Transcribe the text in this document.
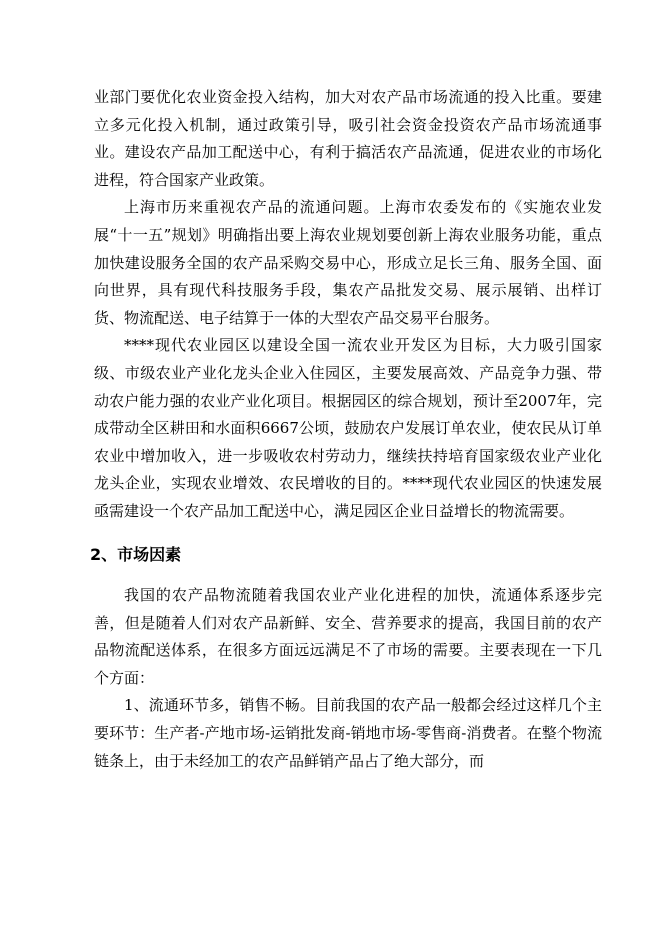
业部门要优化农业资金投入结构，加大对农产品市场流通的投入比重。要建立多元化投入机制，通过政策引导，吸引社会资金投资农产品市场流通事业。建设农产品加工配送中心，有利于搞活农产品流通，促进农业的市场化进程，符合国家产业政策。

上海市历来重视农产品的流通问题。上海市农委发布的《实施农业发展“十一五”规划》明确指出要上海农业规划要创新上海农业服务功能，重点加快建设服务全国的农产品采购交易中心，形成立足长三角、服务全国、面向世界，具有现代科技服务手段，集农产品批发交易、展示展销、出样订货、物流配送、电子结算于一体的大型农产品交易平台服务。

****现代农业园区以建设全国一流农业开发区为目标，大力吸引国家级、市级农业产业化龙头企业入住园区，主要发展高效、产品竞争力强、带动农户能力强的农业产业化项目。根据园区的综合规划，预计至2007年，完成带动全区耕田和水面积6667公顷，鼓励农户发展订单农业，使农民从订单农业中增加收入，进一步吸收农村劳动力，继续扶持培育国家级农业产业化龙头企业，实现农业增效、农民增收的目的。****现代农业园区的快速发展亟需建设一个农产品加工配送中心，满足园区企业日益增长的物流需要。

2、市场因素

我国的农产品物流随着我国农业产业化进程的加快，流通体系逐步完善，但是随着人们对农产品新鲜、安全、营养要求的提高，我国目前的农产品物流配送体系，在很多方面远远满足不了市场的需要。主要表现在一下几个方面：

1、流通环节多，销售不畅。目前我国的农产品一般都会经过这样几个主要环节：生产者-产地市场-运销批发商-销地市场-零售商-消费者。在整个物流链条上，由于未经加工的农产品鲜销产品占了绝大部分，而
